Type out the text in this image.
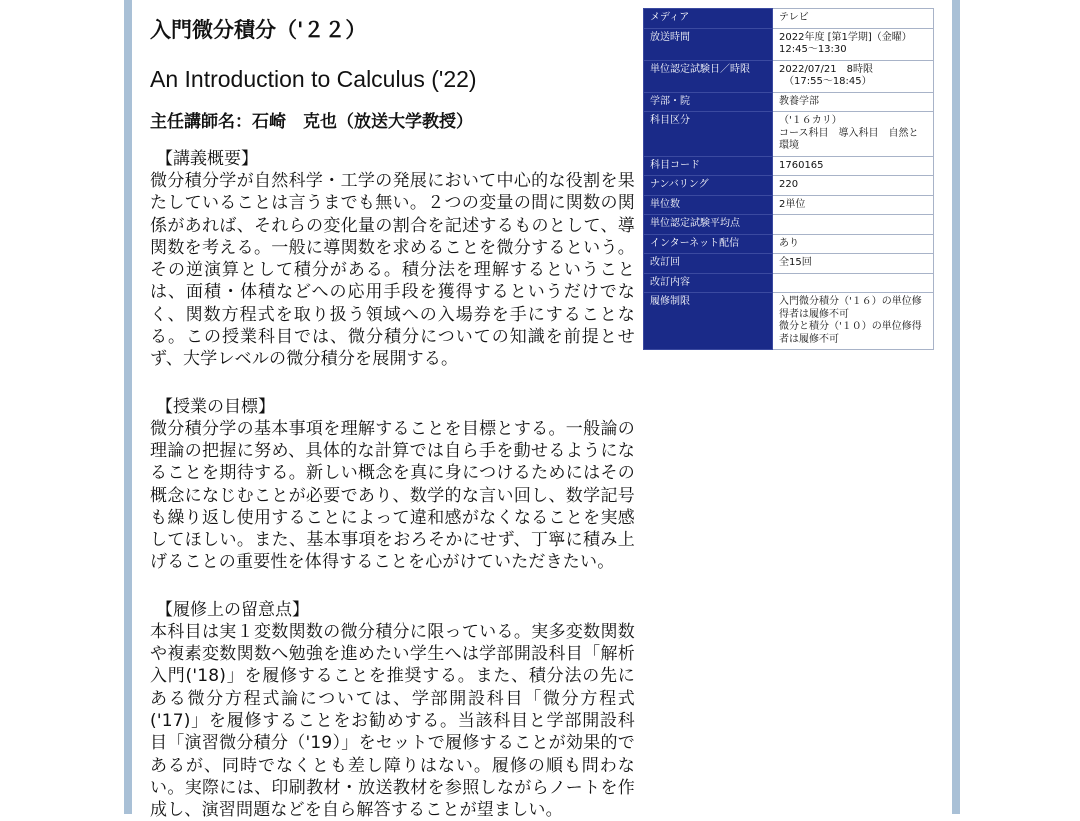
入門微分積分（'２２）
An Introduction to Calculus ('22)
主任講師名：石崎　克也（放送大学教授）
【講義概要】
微分積分学が自然科学・工学の発展において中心的な役割を果たしていることは言うまでも無い。２つの変量の間に関数の関係があれば、それらの変化量の割合を記述するものとして、導関数を考える。一般に導関数を求めることを微分するという。その逆演算として積分がある。積分法を理解するということは、面積・体積などへの応用手段を獲得するというだけでなく、関数方程式を取り扱う領域への入場券を手にすることなる。この授業科目では、微分積分についての知識を前提とせず、大学レベルの微分積分を展開する。
【授業の目標】
微分積分学の基本事項を理解することを目標とする。一般論の理論の把握に努め、具体的な計算では自ら手を動せるようになることを期待する。新しい概念を真に身につけるためにはその概念になじむことが必要であり、数学的な言い回し、数学記号も繰り返し使用することによって違和感がなくなることを実感してほしい。また、基本事項をおろそかにせず、丁寧に積み上げることの重要性を体得することを心がけていただきたい。
【履修上の留意点】
本科目は実１変数関数の微分積分に限っている。実多変数関数や複素変数関数へ勉強を進めたい学生へは学部開設科目「解析入門('18)」を履修することを推奨する。また、積分法の先にある微分方程式論については、学部開設科目「微分方程式('17)」を履修することをお勧めする。当該科目と学部開設科目「演習微分積分（'19）」をセットで履修することが効果的であるが、同時でなくとも差し障りはない。履修の順も問わない。実際には、印刷教材・放送教材を参照しながらノートを作成し、演習問題などを自ら解答することが望ましい。
メディア	テレビ
放送時間	2022年度 [第1学期]（金曜）
12:45〜13:30
単位認定試験日／時限	2022/07/21　8時限
　（17:55〜18:45）
学部・院	教養学部
科目区分	（'１６カリ）
コース科目　導入科目　自然と環境
科目コード	1760165
ナンバリング	220
単位数	2単位
単位認定試験平均点	
インターネット配信	あり
改訂回	全15回
改訂内容	
履修制限	入門微分積分（'１６）の単位修得者は履修不可
微分と積分（'１０）の単位修得者は履修不可
